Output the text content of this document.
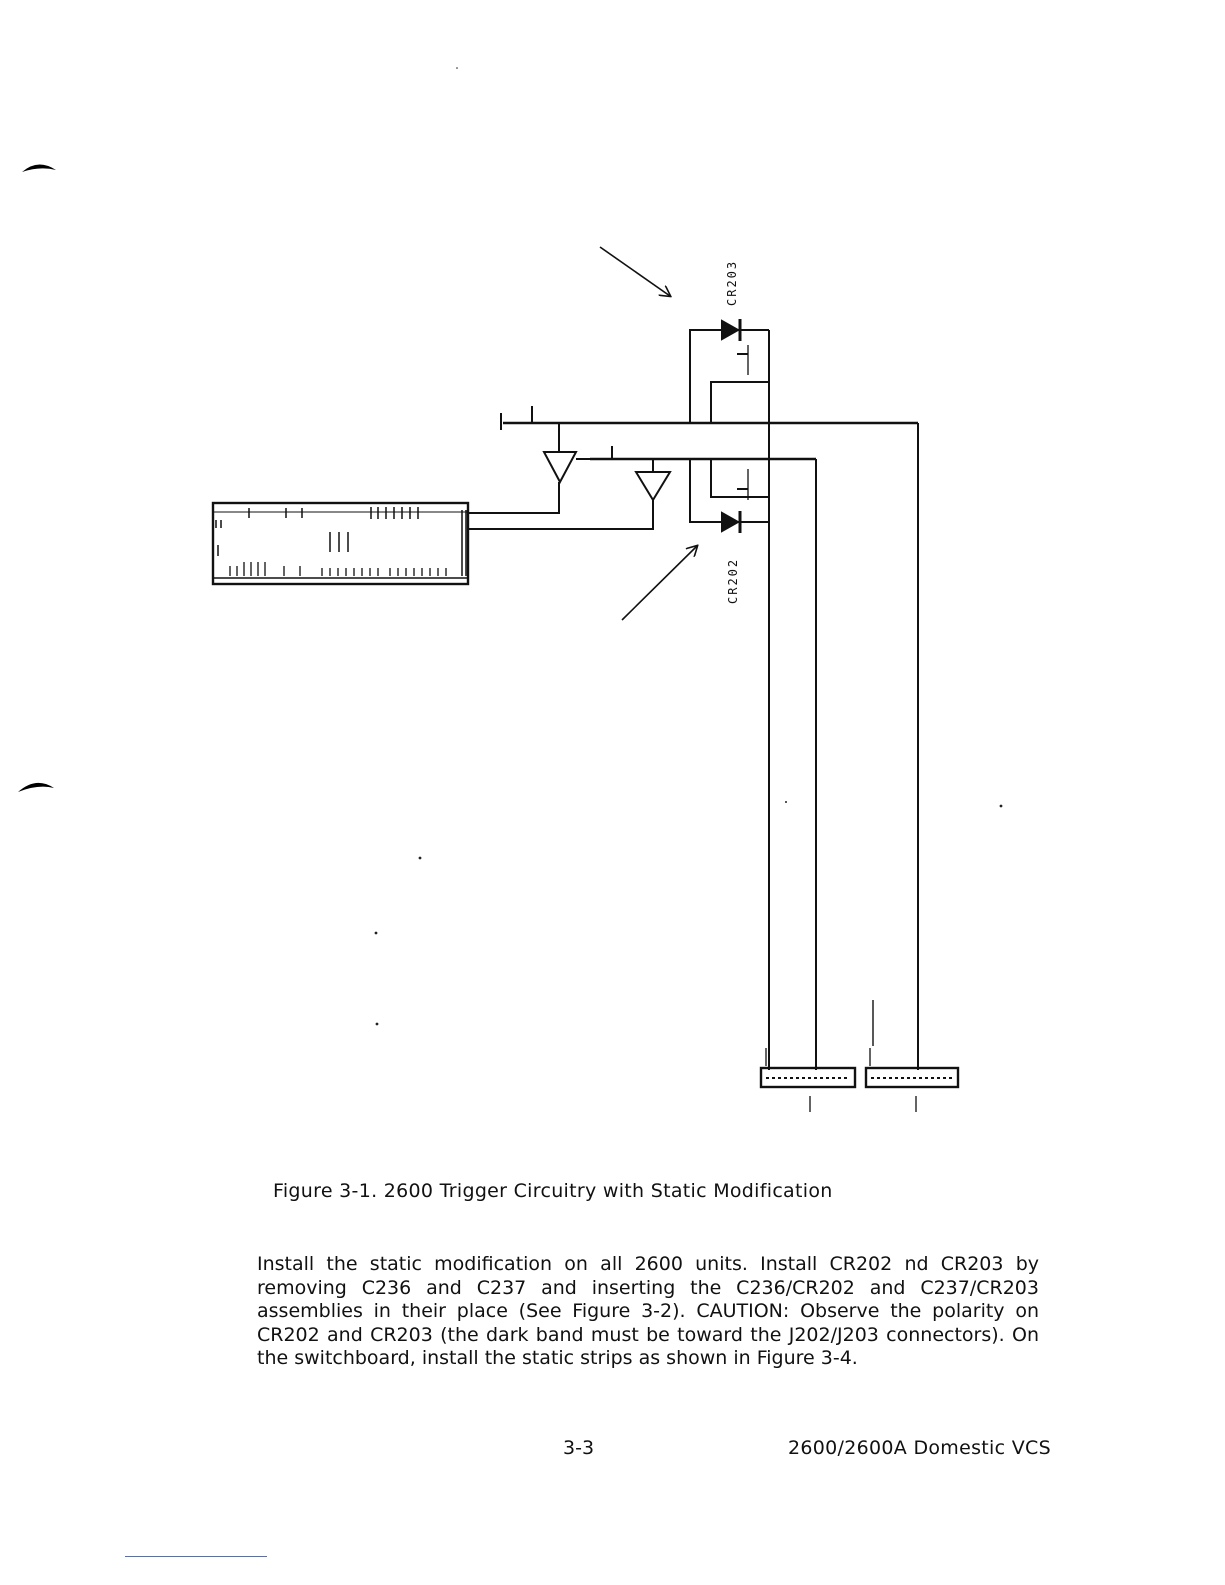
CR203
CR202
Figure 3-1. 2600 Trigger Circuitry with Static Modification

Install the static modification on all 2600 units. Install CR202 nd CR203 by removing C236 and C237 and inserting the C236/CR202 and C237/CR203 assemblies in their place (See Figure 3-2). CAUTION: Observe the polarity on CR202 and CR203 (the dark band must be toward the J202/J203 connectors). On the switchboard, install the static strips as shown in Figure 3-4.

3-3	2600/2600A Domestic VCS
